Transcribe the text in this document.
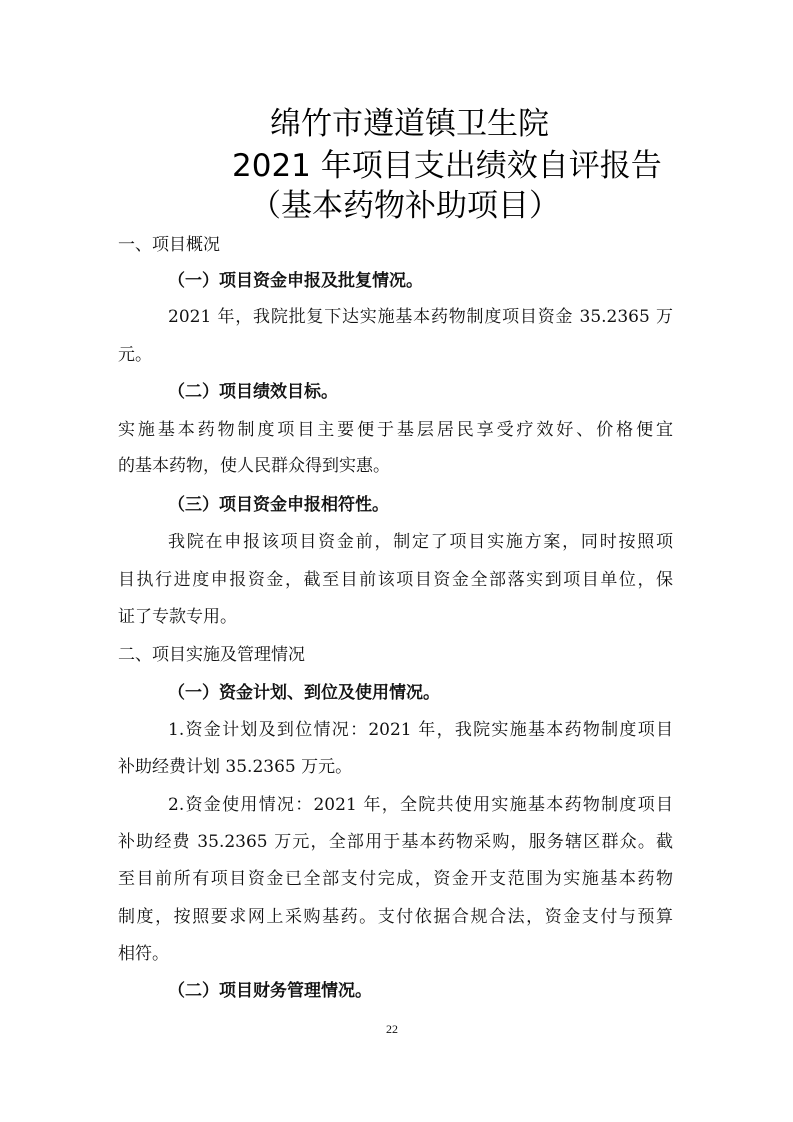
绵竹市遵道镇卫生院
2021 年项目支出绩效自评报告
（基本药物补助项目）
一、项目概况
（一）项目资金申报及批复情况。
2021 年，我院批复下达实施基本药物制度项目资金 35.2365 万
元。
（二）项目绩效目标。
实施基本药物制度项目主要便于基层居民享受疗效好、价格便宜
的基本药物，使人民群众得到实惠。
（三）项目资金申报相符性。
我院在申报该项目资金前，制定了项目实施方案，同时按照项
目执行进度申报资金，截至目前该项目资金全部落实到项目单位，保
证了专款专用。
二、项目实施及管理情况
（一）资金计划、到位及使用情况。
1.资金计划及到位情况：2021 年，我院实施基本药物制度项目
补助经费计划 35.2365 万元。
2.资金使用情况：2021 年，全院共使用实施基本药物制度项目
补助经费 35.2365 万元，全部用于基本药物采购，服务辖区群众。截
至目前所有项目资金已全部支付完成，资金开支范围为实施基本药物
制度，按照要求网上采购基药。支付依据合规合法，资金支付与预算
相符。
（二）项目财务管理情况。
22
